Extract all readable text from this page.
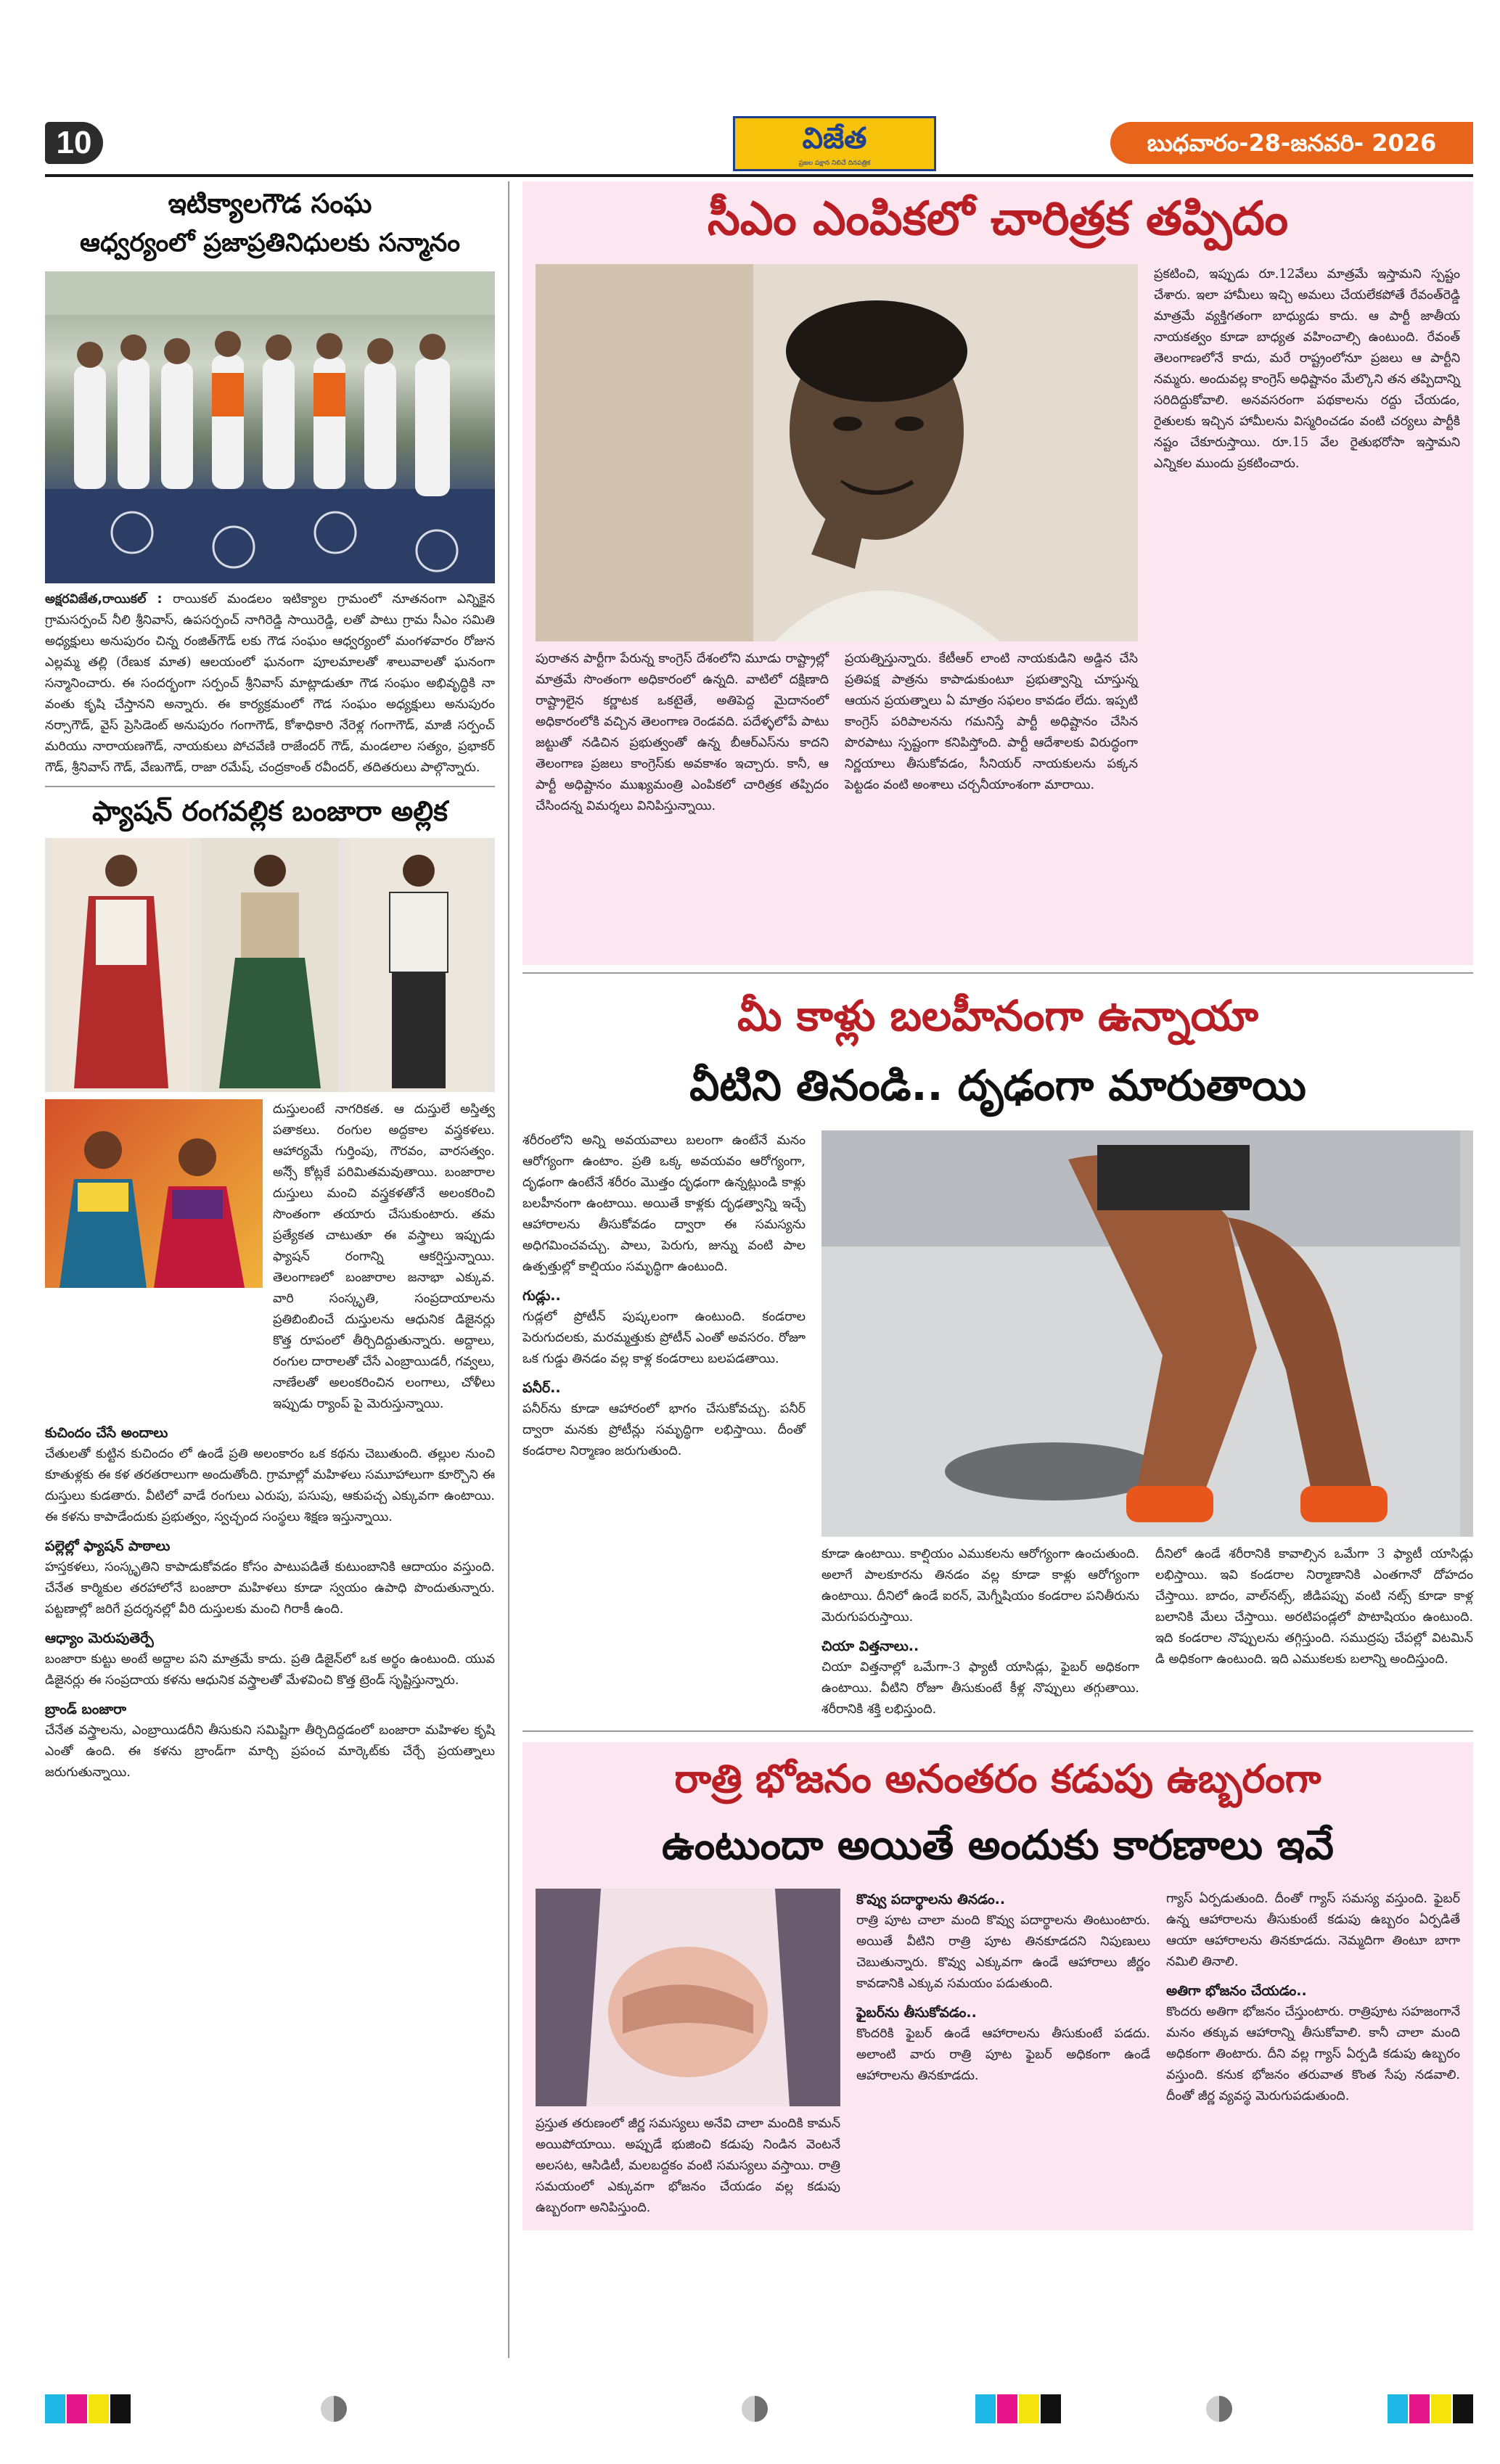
10	విజేత
ప్రజల పక్షాన నిలిచే దినపత్రిక
బుధవారం-28-జనవరి- 2026
ఇటిక్యాలగౌడ సంఘ
ఆధ్వర్యంలో ప్రజాప్రతినిధులకు సన్మానం
అక్షరవిజేత,రాయికల్ : రాయికల్ మండలం ఇటిక్యాల గ్రామంలో నూతనంగా ఎన్నికైన గ్రామసర్పంచ్ నీలి శ్రీనివాస్, ఉపసర్పంచ్ నాగిరెడ్డి సాయిరెడ్డి, లతో పాటు గ్రామ సీఎం సమితి అధ్యక్షులు అనుపురం చిన్న రంజిత్‌గౌడ్ లకు గౌడ సంఘం ఆధ్వర్యంలో మంగళవారం రోజున ఎల్లమ్మ తల్లి (రేణుక మాత) ఆలయంలో ఘనంగా పూలమాలతో శాలువాలతో ఘనంగా సన్మానించారు. ఈ సందర్భంగా సర్పంచ్ శ్రీనివాస్ మాట్లాడుతూ గౌడ సంఘం అభివృద్ధికి నా వంతు కృషి చేస్తానని అన్నారు. ఈ కార్యక్రమంలో గౌడ సంఘం అధ్యక్షులు అనుపురం నర్సాగౌడ్, వైస్ ప్రెసిడెంట్ అనుపురం గంగాగౌడ్, కోశాధికారి నేరెళ్ల గంగాగౌడ్, మాజీ సర్పంచ్ మరియు నారాయణగౌడ్, నాయకులు పోచవేణి రాజేందర్ గౌడ్, మండలాల సత్యం, ప్రభాకర్ గౌడ్, శ్రీనివాస్ గౌడ్, వేణుగౌడ్, రాజా రమేష్, చంద్రకాంత్ రవీందర్, తదితరులు పాల్గొన్నారు.
ఫ్యాషన్ రంగవల్లిక బంజారా అల్లిక
దుస్తులంటే నాగరికత. ఆ దుస్తులే అస్తిత్వ పతాకలు. రంగుల అద్దకాల వస్త్రకళలు. ఆహార్యమే గుర్తింపు, గౌరవం, వారసత్వం. అస్సేే కోట్లకే పరిమితమవుతాయి. బంజారాల దుస్తులు మంచి వస్త్రకళతోనే అలంకరించి సొంతంగా తయారు చేసుకుంటారు. తమ ప్రత్యేకత చాటుతూ ఈ వస్త్రాలు ఇప్పుడు ఫ్యాషన్ రంగాన్ని ఆకర్షిస్తున్నాయి. తెలంగాణలో బంజారాల జనాభా ఎక్కువ. వారి సంస్కృతి, సంప్రదాయాలను ప్రతిబింబించే దుస్తులను ఆధునిక డిజైనర్లు కొత్త రూపంలో తీర్చిదిద్దుతున్నారు. అద్దాలు, రంగుల దారాలతో చేసే ఎంబ్రాయిడరీ, గవ్వలు, నాణేలతో అలంకరించిన లంగాలు, చోళీలు ఇప్పుడు ర్యాంప్ పై మెరుస్తున్నాయి.
కుచిందం చేసే అందాలు
చేతులతో కుట్టిన కుచిందం లో ఉండే ప్రతి అలంకారం ఒక కథను చెబుతుంది. తల్లుల నుంచి కూతుళ్లకు ఈ కళ తరతరాలుగా అందుతోంది. గ్రామాల్లో మహిళలు సమూహాలుగా కూర్చొని ఈ దుస్తులు కుడతారు. వీటిలో వాడే రంగులు ఎరుపు, పసుపు, ఆకుపచ్చ ఎక్కువగా ఉంటాయి. ఈ కళను కాపాడేందుకు ప్రభుత్వం, స్వచ్ఛంద సంస్థలు శిక్షణ ఇస్తున్నాయి.
పల్లెల్లో ఫ్యాషన్ పాఠాలు
హస్తకళలు, సంస్కృతిని కాపాడుకోవడం కోసం పాటుపడితే కుటుంబానికి ఆదాయం వస్తుంది. చేనేత కార్మికుల తరహాలోనే బంజారా మహిళలు కూడా స్వయం ఉపాధి పొందుతున్నారు. పట్టణాల్లో జరిగే ప్రదర్శనల్లో వీరి దుస్తులకు మంచి గిరాకీ ఉంది.
ఆధ్యాం మెరుపుతెర్పే
బంజారా కుట్టు అంటే అద్దాల పని మాత్రమే కాదు. ప్రతి డిజైన్‌లో ఒక అర్థం ఉంటుంది. యువ డిజైనర్లు ఈ సంప్రదాయ కళను ఆధునిక వస్త్రాలతో మేళవించి కొత్త ట్రెండ్ సృష్టిస్తున్నారు.
బ్రాండ్ బంజారా
చేనేత వస్త్రాలను, ఎంబ్రాయిడరీని తీసుకుని సమిష్టిగా తీర్చిదిద్దడంలో బంజారా మహిళల కృషి ఎంతో ఉంది. ఈ కళను బ్రాండ్‌గా మార్చి ప్రపంచ మార్కెట్‌కు చేర్చే ప్రయత్నాలు జరుగుతున్నాయి.
సీఎం ఎంపికలో చారిత్రక తప్పిదం
పురాతన పార్టీగా పేరున్న కాంగ్రెస్ దేశంలోని మూడు రాష్ట్రాల్లో మాత్రమే సొంతంగా అధికారంలో ఉన్నది. వాటిలో దక్షిణాది రాష్ట్రాలైన కర్ణాటక ఒకటైతే, అతిపెద్ద మైదానంలో అధికారంలోకి వచ్చిన తెలంగాణ రెండవది. పదేళ్ళలోపే పాటు జట్టుతో నడిచిన ప్రభుత్వంతో ఉన్న బీఆర్ఎస్‌ను కాదని తెలంగాణ ప్రజలు కాంగ్రెస్‌కు అవకాశం ఇచ్చారు. కానీ, ఆ పార్టీ అధిష్టానం ముఖ్యమంత్రి ఎంపికలో చారిత్రక తప్పిదం చేసిందన్న విమర్శలు వినిపిస్తున్నాయి.
ప్రయత్నిస్తున్నారు. కేటీఆర్ లాంటి నాయకుడిని అడ్డిన చేసి ప్రతిపక్ష పాత్రను కాపాడుకుంటూ ప్రభుత్వాన్ని చూస్తున్న ఆయన ప్రయత్నాలు ఏ మాత్రం సఫలం కావడం లేదు. ఇప్పటి కాంగ్రెస్ పరిపాలనను గమనిస్తే పార్టీ అధిష్టానం చేసిన పొరపాటు స్పష్టంగా కనిపిస్తోంది. పార్టీ ఆదేశాలకు విరుద్ధంగా నిర్ణయాలు తీసుకోవడం, సీనియర్ నాయకులను పక్కన పెట్టడం వంటి అంశాలు చర్చనీయాంశంగా మారాయి.
ప్రకటించి, ఇప్పుడు రూ.12వేలు మాత్రమే ఇస్తామని స్పష్టం చేశారు. ఇలా హామీలు ఇచ్చి అమలు చేయలేకపోతే రేవంత్‌రెడ్డి మాత్రమే వ్యక్తిగతంగా బాధ్యుడు కాదు. ఆ పార్టీ జాతీయ నాయకత్వం కూడా బాధ్యత వహించాల్సి ఉంటుంది. రేవంత్ తెలంగాణలోనే కాదు, మరే రాష్ట్రంలోనూ ప్రజలు ఆ పార్టీని నమ్మరు. అందువల్ల కాంగ్రెస్ అధిష్టానం మేల్కొని తన తప్పిదాన్ని సరిదిద్దుకోవాలి. అనవసరంగా పథకాలను రద్దు చేయడం, రైతులకు ఇచ్చిన హామీలను విస్మరించడం వంటి చర్యలు పార్టీకి నష్టం చేకూరుస్తాయి. రూ.15 వేల రైతుభరోసా ఇస్తామని ఎన్నికల ముందు ప్రకటించారు.
మీ కాళ్లు బలహీనంగా ఉన్నాయా
వీటిని తినండి.. దృఢంగా మారుతాయి
శరీరంలోని అన్ని అవయవాలు బలంగా ఉంటేనే మనం ఆరోగ్యంగా ఉంటాం. ప్రతి ఒక్క అవయవం ఆరోగ్యంగా, దృఢంగా ఉంటేనే శరీరం మొత్తం దృఢంగా ఉన్నట్లుండి కాళ్లు బలహీనంగా ఉంటాయి. అయితే కాళ్లకు దృఢత్వాన్ని ఇచ్చే ఆహారాలను తీసుకోవడం ద్వారా ఈ సమస్యను అధిగమించవచ్చు. పాలు, పెరుగు, జున్ను వంటి పాల ఉత్పత్తుల్లో కాల్షియం సమృద్ధిగా ఉంటుంది.
గుడ్లు..
గుడ్లలో ప్రోటీన్ పుష్కలంగా ఉంటుంది. కండరాల పెరుగుదలకు, మరమ్మత్తుకు ప్రోటీన్ ఎంతో అవసరం. రోజూ ఒక గుడ్డు తినడం వల్ల కాళ్ల కండరాలు బలపడతాయి.
పనీర్..
పనీర్‌ను కూడా ఆహారంలో భాగం చేసుకోవచ్చు. పనీర్ ద్వారా మనకు ప్రోటీన్లు సమృద్ధిగా లభిస్తాయి. దీంతో కండరాల నిర్మాణం జరుగుతుంది.
కూడా ఉంటాయి. కాల్షియం ఎముకలను ఆరోగ్యంగా ఉంచుతుంది. అలాగే పాలకూరను తినడం వల్ల కూడా కాళ్లు ఆరోగ్యంగా ఉంటాయి. దీనిలో ఉండే ఐరన్, మెగ్నీషియం కండరాల పనితీరును మెరుగుపరుస్తాయి.
చియా విత్తనాలు..
చియా విత్తనాల్లో ఒమేగా-3 ఫ్యాటీ యాసిడ్లు, ఫైబర్ అధికంగా ఉంటాయి. వీటిని రోజూ తీసుకుంటే కీళ్ల నొప్పులు తగ్గుతాయి. శరీరానికి శక్తి లభిస్తుంది.
దీనిలో ఉండే శరీరానికి కావాల్సిన ఒమేగా 3 ఫ్యాటీ యాసిడ్లు లభిస్తాయి. ఇవి కండరాల నిర్మాణానికి ఎంతగానో దోహదం చేస్తాయి. బాదం, వాల్‌నట్స్, జీడిపప్పు వంటి నట్స్ కూడా కాళ్ల బలానికి మేలు చేస్తాయి. అరటిపండ్లలో పొటాషియం ఉంటుంది. ఇది కండరాల నొప్పులను తగ్గిస్తుంది. సముద్రపు చేపల్లో విటమిన్ డి అధికంగా ఉంటుంది. ఇది ఎముకలకు బలాన్ని అందిస్తుంది.
రాత్రి భోజనం అనంతరం కడుపు ఉబ్బరంగా
ఉంటుందా అయితే అందుకు కారణాలు ఇవే
ప్రస్తుత తరుణంలో జీర్ణ సమస్యలు అనేవి చాలా మందికి కామన్ అయిపోయాయి. అప్పుడే భుజించి కడుపు నిండిన వెంటనే అలసట, ఆసిడిటీ, మలబద్దకం వంటి సమస్యలు వస్తాయి. రాత్రి సమయంలో ఎక్కువగా భోజనం చేయడం వల్ల కడుపు ఉబ్బరంగా అనిపిస్తుంది.
కొవ్వు పదార్థాలను తినడం..
రాత్రి పూట చాలా మంది కొవ్వు పదార్థాలను తింటుంటారు. అయితే వీటిని రాత్రి పూట తినకూడదని నిపుణులు చెబుతున్నారు. కొవ్వు ఎక్కువగా ఉండే ఆహారాలు జీర్ణం కావడానికి ఎక్కువ సమయం పడుతుంది.
ఫైబర్‌ను తీసుకోవడం..
కొందరికి ఫైబర్ ఉండే ఆహారాలను తీసుకుంటే పడదు. అలాంటి వారు రాత్రి పూట ఫైబర్ అధికంగా ఉండే ఆహారాలను తినకూడదు.
గ్యాస్ ఏర్పడుతుంది. దీంతో గ్యాస్ సమస్య వస్తుంది. ఫైబర్ ఉన్న ఆహారాలను తీసుకుంటే కడుపు ఉబ్బరం ఏర్పడితే ఆయా ఆహారాలను తినకూడదు. నెమ్మదిగా తింటూ బాగా నమిలి తినాలి.
అతిగా భోజనం చేయడం..
కొందరు అతిగా భోజనం చేస్తుంటారు. రాత్రిపూట సహజంగానే మనం తక్కువ ఆహారాన్ని తీసుకోవాలి. కానీ చాలా మంది అధికంగా తింటారు. దీని వల్ల గ్యాస్ ఏర్పడి కడుపు ఉబ్బరం వస్తుంది. కనుక భోజనం తరువాత కొంత సేపు నడవాలి. దీంతో జీర్ణ వ్యవస్థ మెరుగుపడుతుంది.
